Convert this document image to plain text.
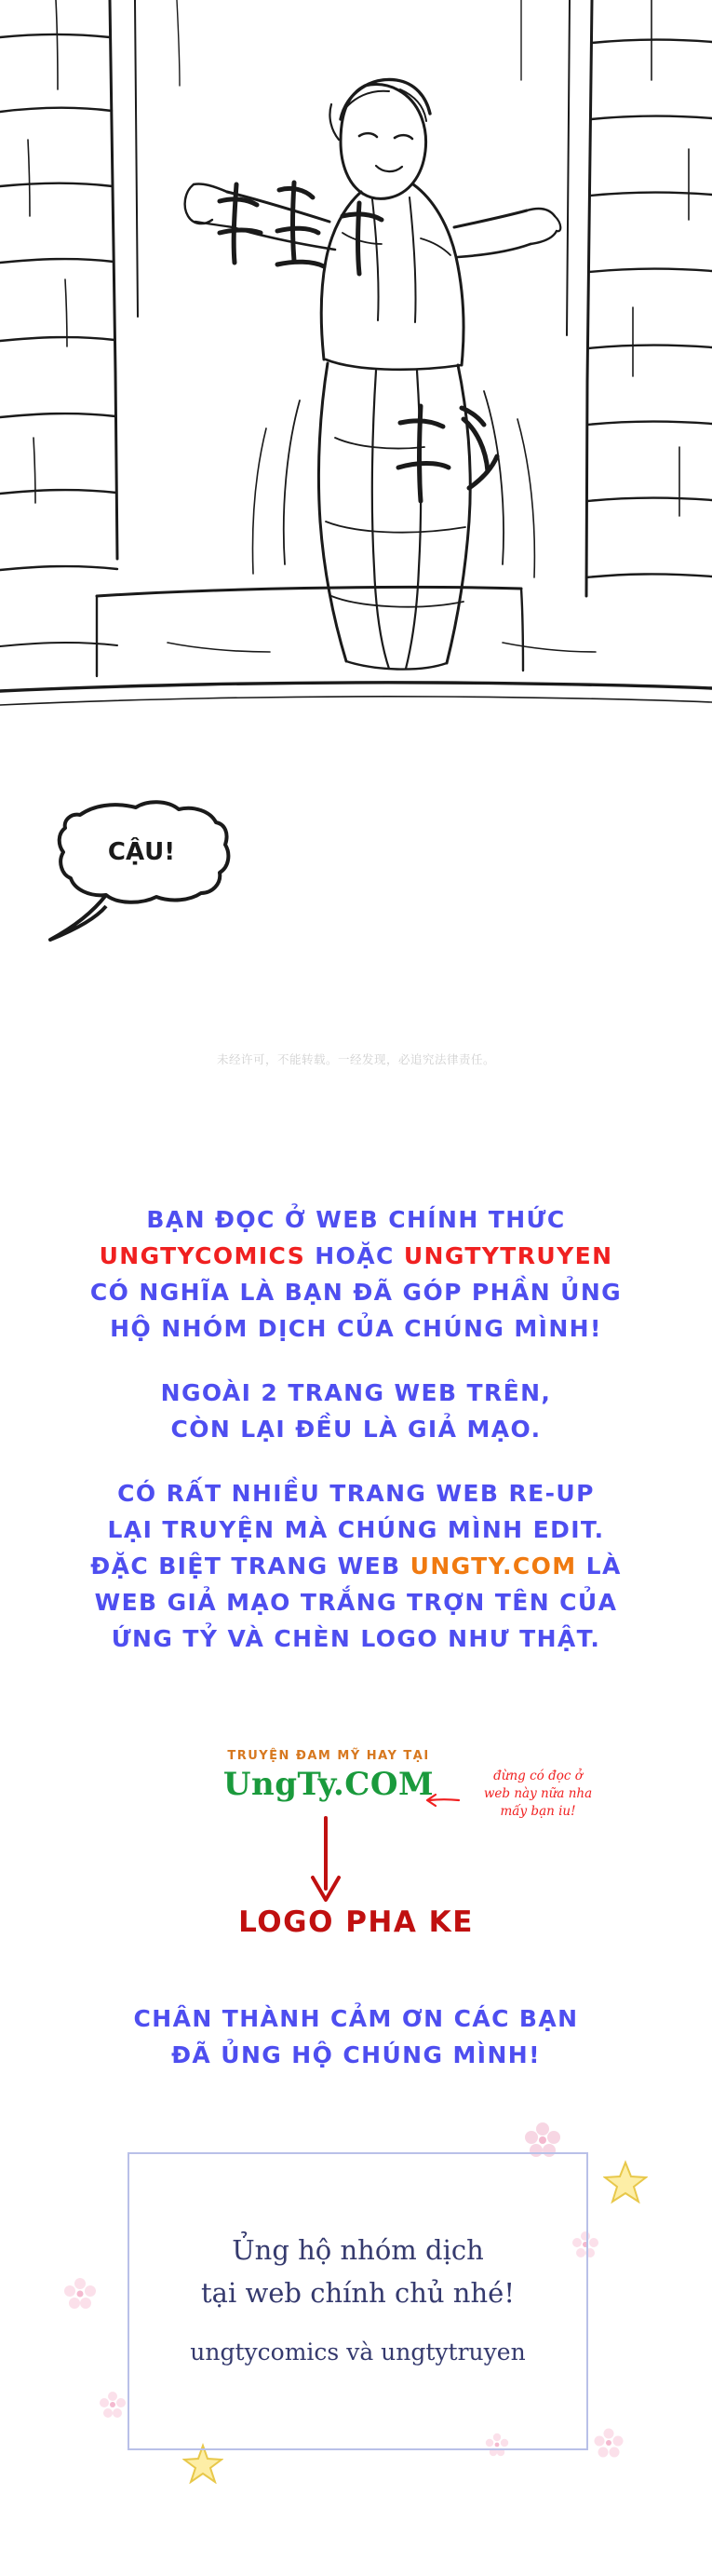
CẬU!
未经许可，不能转载。一经发现，必追究法律责任。

BẠN ĐỌC Ở WEB CHÍNH THỨC
UNGTYCOMICS HOẶC UNGTYTRUYEN
CÓ NGHĨA LÀ BẠN ĐÃ GÓP PHẦN ỦNG
HỘ NHÓM DỊCH CỦA CHÚNG MÌNH!

NGOÀI 2 TRANG WEB TRÊN,
CÒN LẠI ĐỀU LÀ GIẢ MẠO.

CÓ RẤT NHIỀU TRANG WEB RE-UP
LẠI TRUYỆN MÀ CHÚNG MÌNH EDIT.
ĐẶC BIỆT TRANG WEB UNGTY.COM LÀ
WEB GIẢ MẠO TRẮNG TRỢN TÊN CỦA
ỨNG TỶ VÀ CHÈN LOGO NHƯ THẬT.

TRUYỆN ĐAM MỸ HAY TẠI
UngTy.COM	đừng có đọc ở
web này nữa nha
mấy bạn iu!
LOGO PHA KE
CHÂN THÀNH CẢM ƠN CÁC BẠN
ĐÃ ỦNG HỘ CHÚNG MÌNH!
Ủng hộ nhóm dịch
tại web chính chủ nhé!
ungtycomics và ungtytruyen
